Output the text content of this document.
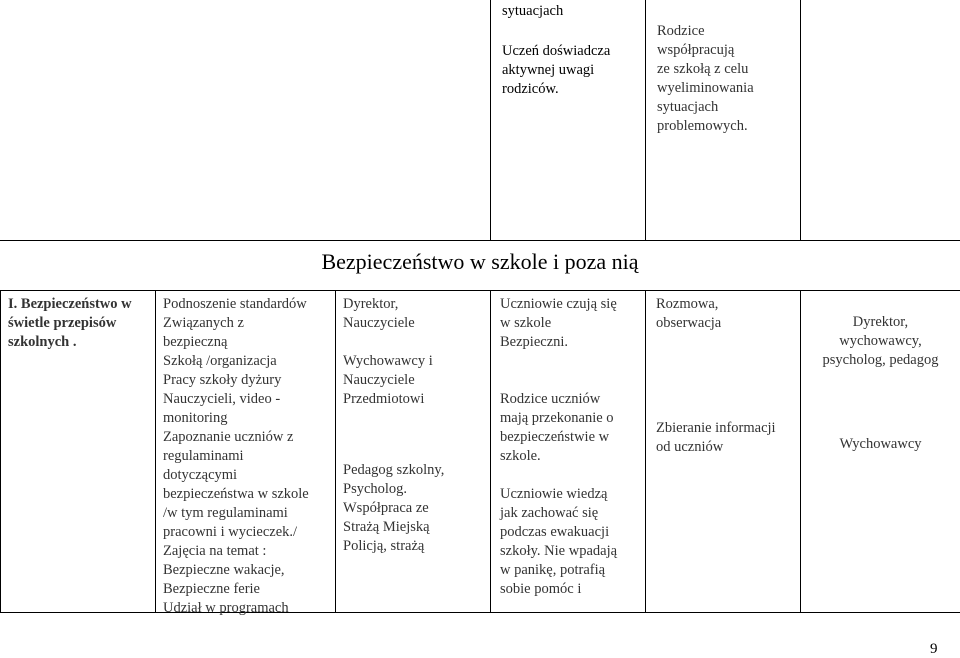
sytuacjach
Uczeń doświadcza
aktywnej uwagi
rodziców.
Rodzice
współpracują
ze szkołą z celu
wyeliminowania
sytuacjach
problemowych.
Bezpieczeństwo w szkole i poza nią
I. Bezpieczeństwo w
świetle przepisów
szkolnych .
Podnoszenie standardów
Związanych z
bezpieczną
Szkołą /organizacja
Pracy szkoły dyżury
Nauczycieli, video -
monitoring
Zapoznanie uczniów z
regulaminami
dotyczącymi
bezpieczeństwa w szkole
/w tym regulaminami
pracowni i wycieczek./
Zajęcia na temat :
Bezpieczne wakacje,
Bezpieczne ferie
Udział w programach
Dyrektor,
Nauczyciele
Wychowawcy i
Nauczyciele
Przedmiotowi
Pedagog szkolny,
Psycholog.
Współpraca ze
Strażą Miejską
Policją, strażą
Uczniowie czują się
w szkole
Bezpieczni.
Rodzice uczniów
mają przekonanie o
bezpieczeństwie w
szkole.
Uczniowie wiedzą
jak zachować się
podczas ewakuacji
szkoły. Nie wpadają
w panikę, potrafią
sobie pomóc i
Rozmowa,
obserwacja
Zbieranie informacji
od uczniów
Dyrektor,
wychowawcy,
psycholog, pedagog
Wychowawcy
9
